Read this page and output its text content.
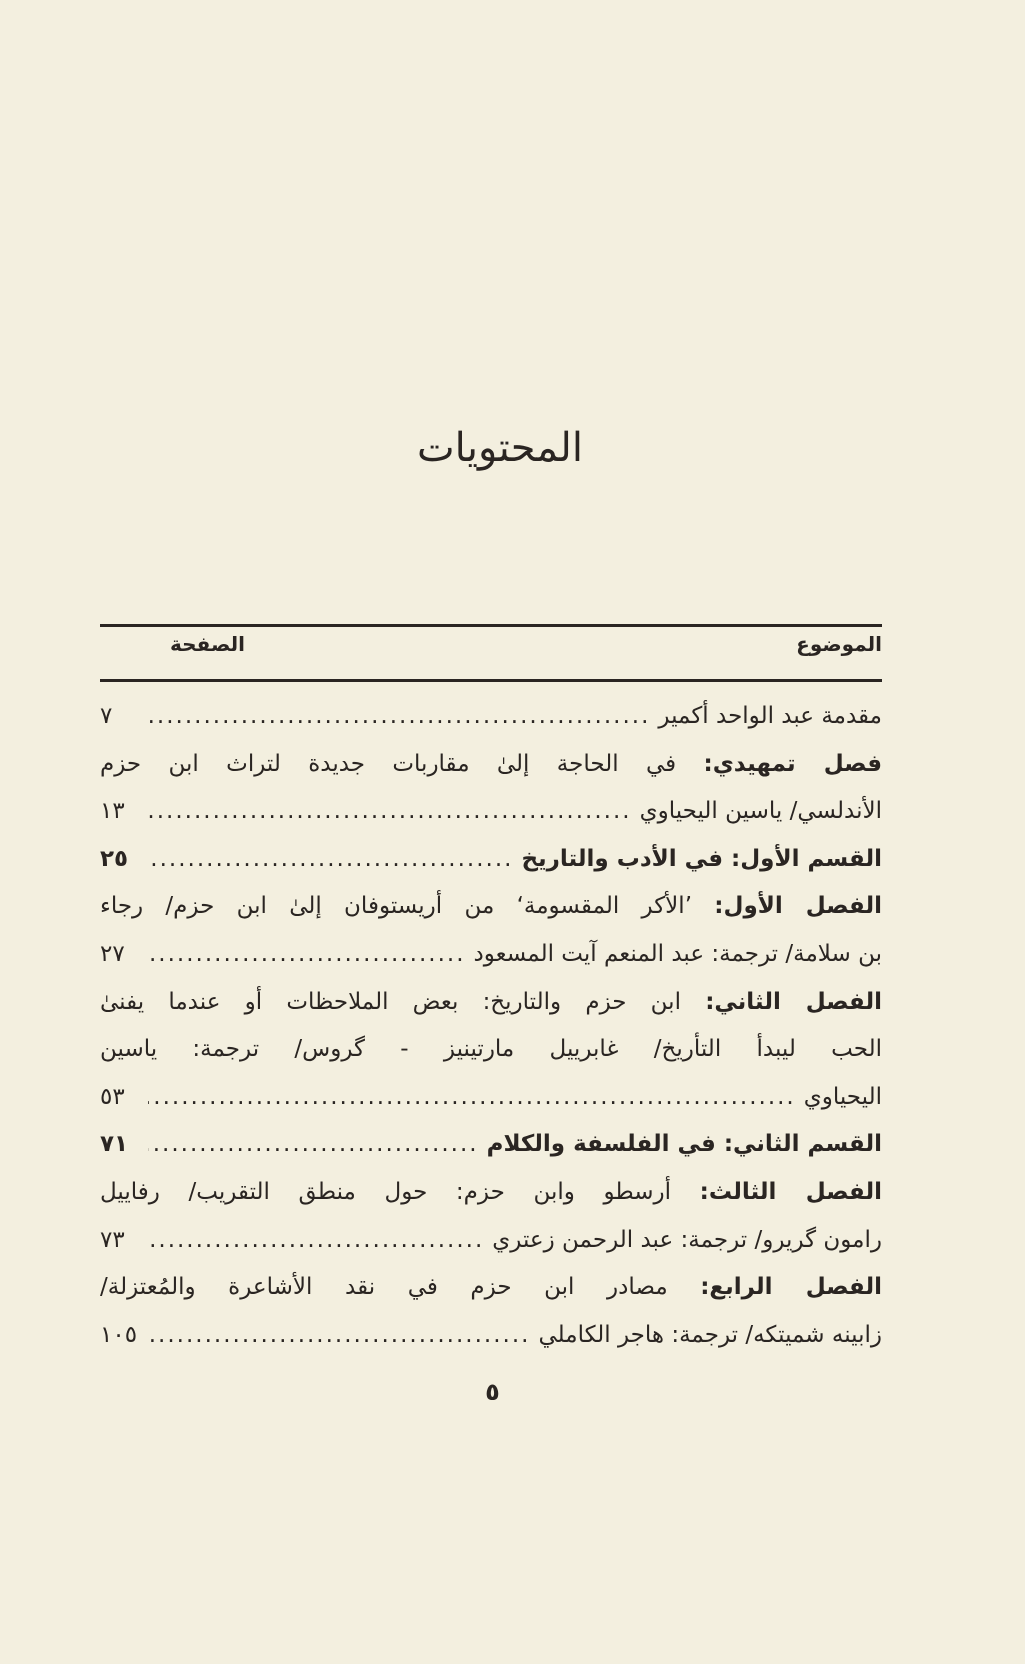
المحتويات
الموضوع
الصفحة
مقدمة عبد الواحد أكمير
.....
٧
فصل تمهيدي: في الحاجة إلىٰ مقاربات جديدة لتراث ابن حزم
الأندلسي/ ياسين اليحياوي
.....
١٣
القسم الأول: في الأدب والتاريخ
.....
٢٥
الفصل الأول: ’الأكر المقسومة‘ من أريستوفان إلىٰ ابن حزم/ رجاء
بن سلامة/ ترجمة: عبد المنعم آيت المسعود
.....
٢٧
الفصل الثاني: ابن حزم والتاريخ: بعض الملاحظات أو عندما يفنىٰ
الحب ليبدأ التأريخ/ غابرييل مارتينيز - گروس/ ترجمة: ياسين
اليحياوي
.....
٥٣
القسم الثاني: في الفلسفة والكلام
.....
٧١
الفصل الثالث: أرسطو وابن حزم: حول منطق التقريب/ رفاييل
رامون گريرو/ ترجمة: عبد الرحمن زعتري
.....
٧٣
الفصل الرابع: مصادر ابن حزم في نقد الأشاعرة والمُعتزلة/
زابينه شميتكه/ ترجمة: هاجر الكاملي
.....
١٠٥
٥
